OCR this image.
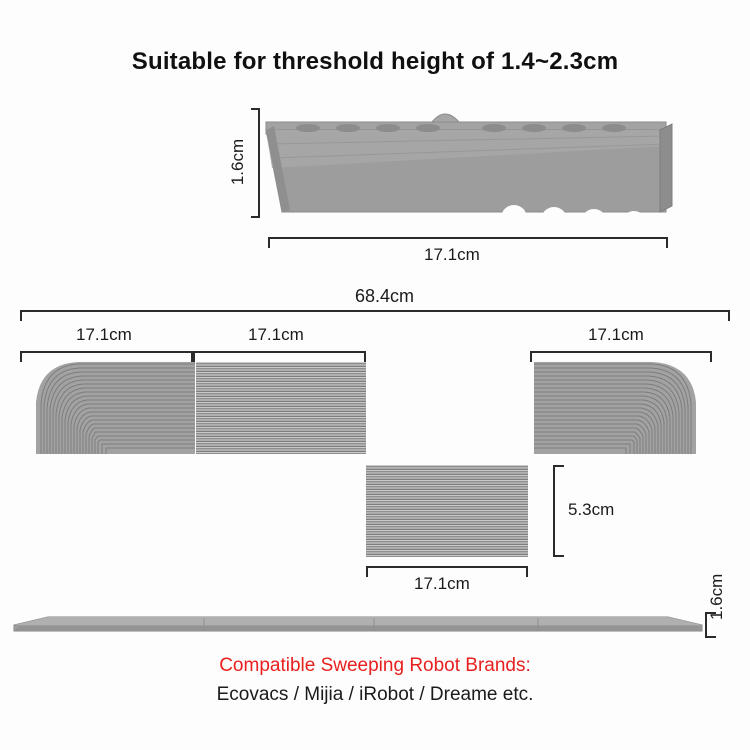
Suitable for threshold height of 1.4~2.3cm
1.6cm
17.1cm
68.4cm
17.1cm	17.1cm	17.1cm
5.3cm
17.1cm	1.6cm
Compatible Sweeping Robot Brands:
Ecovacs / Mijia / iRobot / Dreame etc.
